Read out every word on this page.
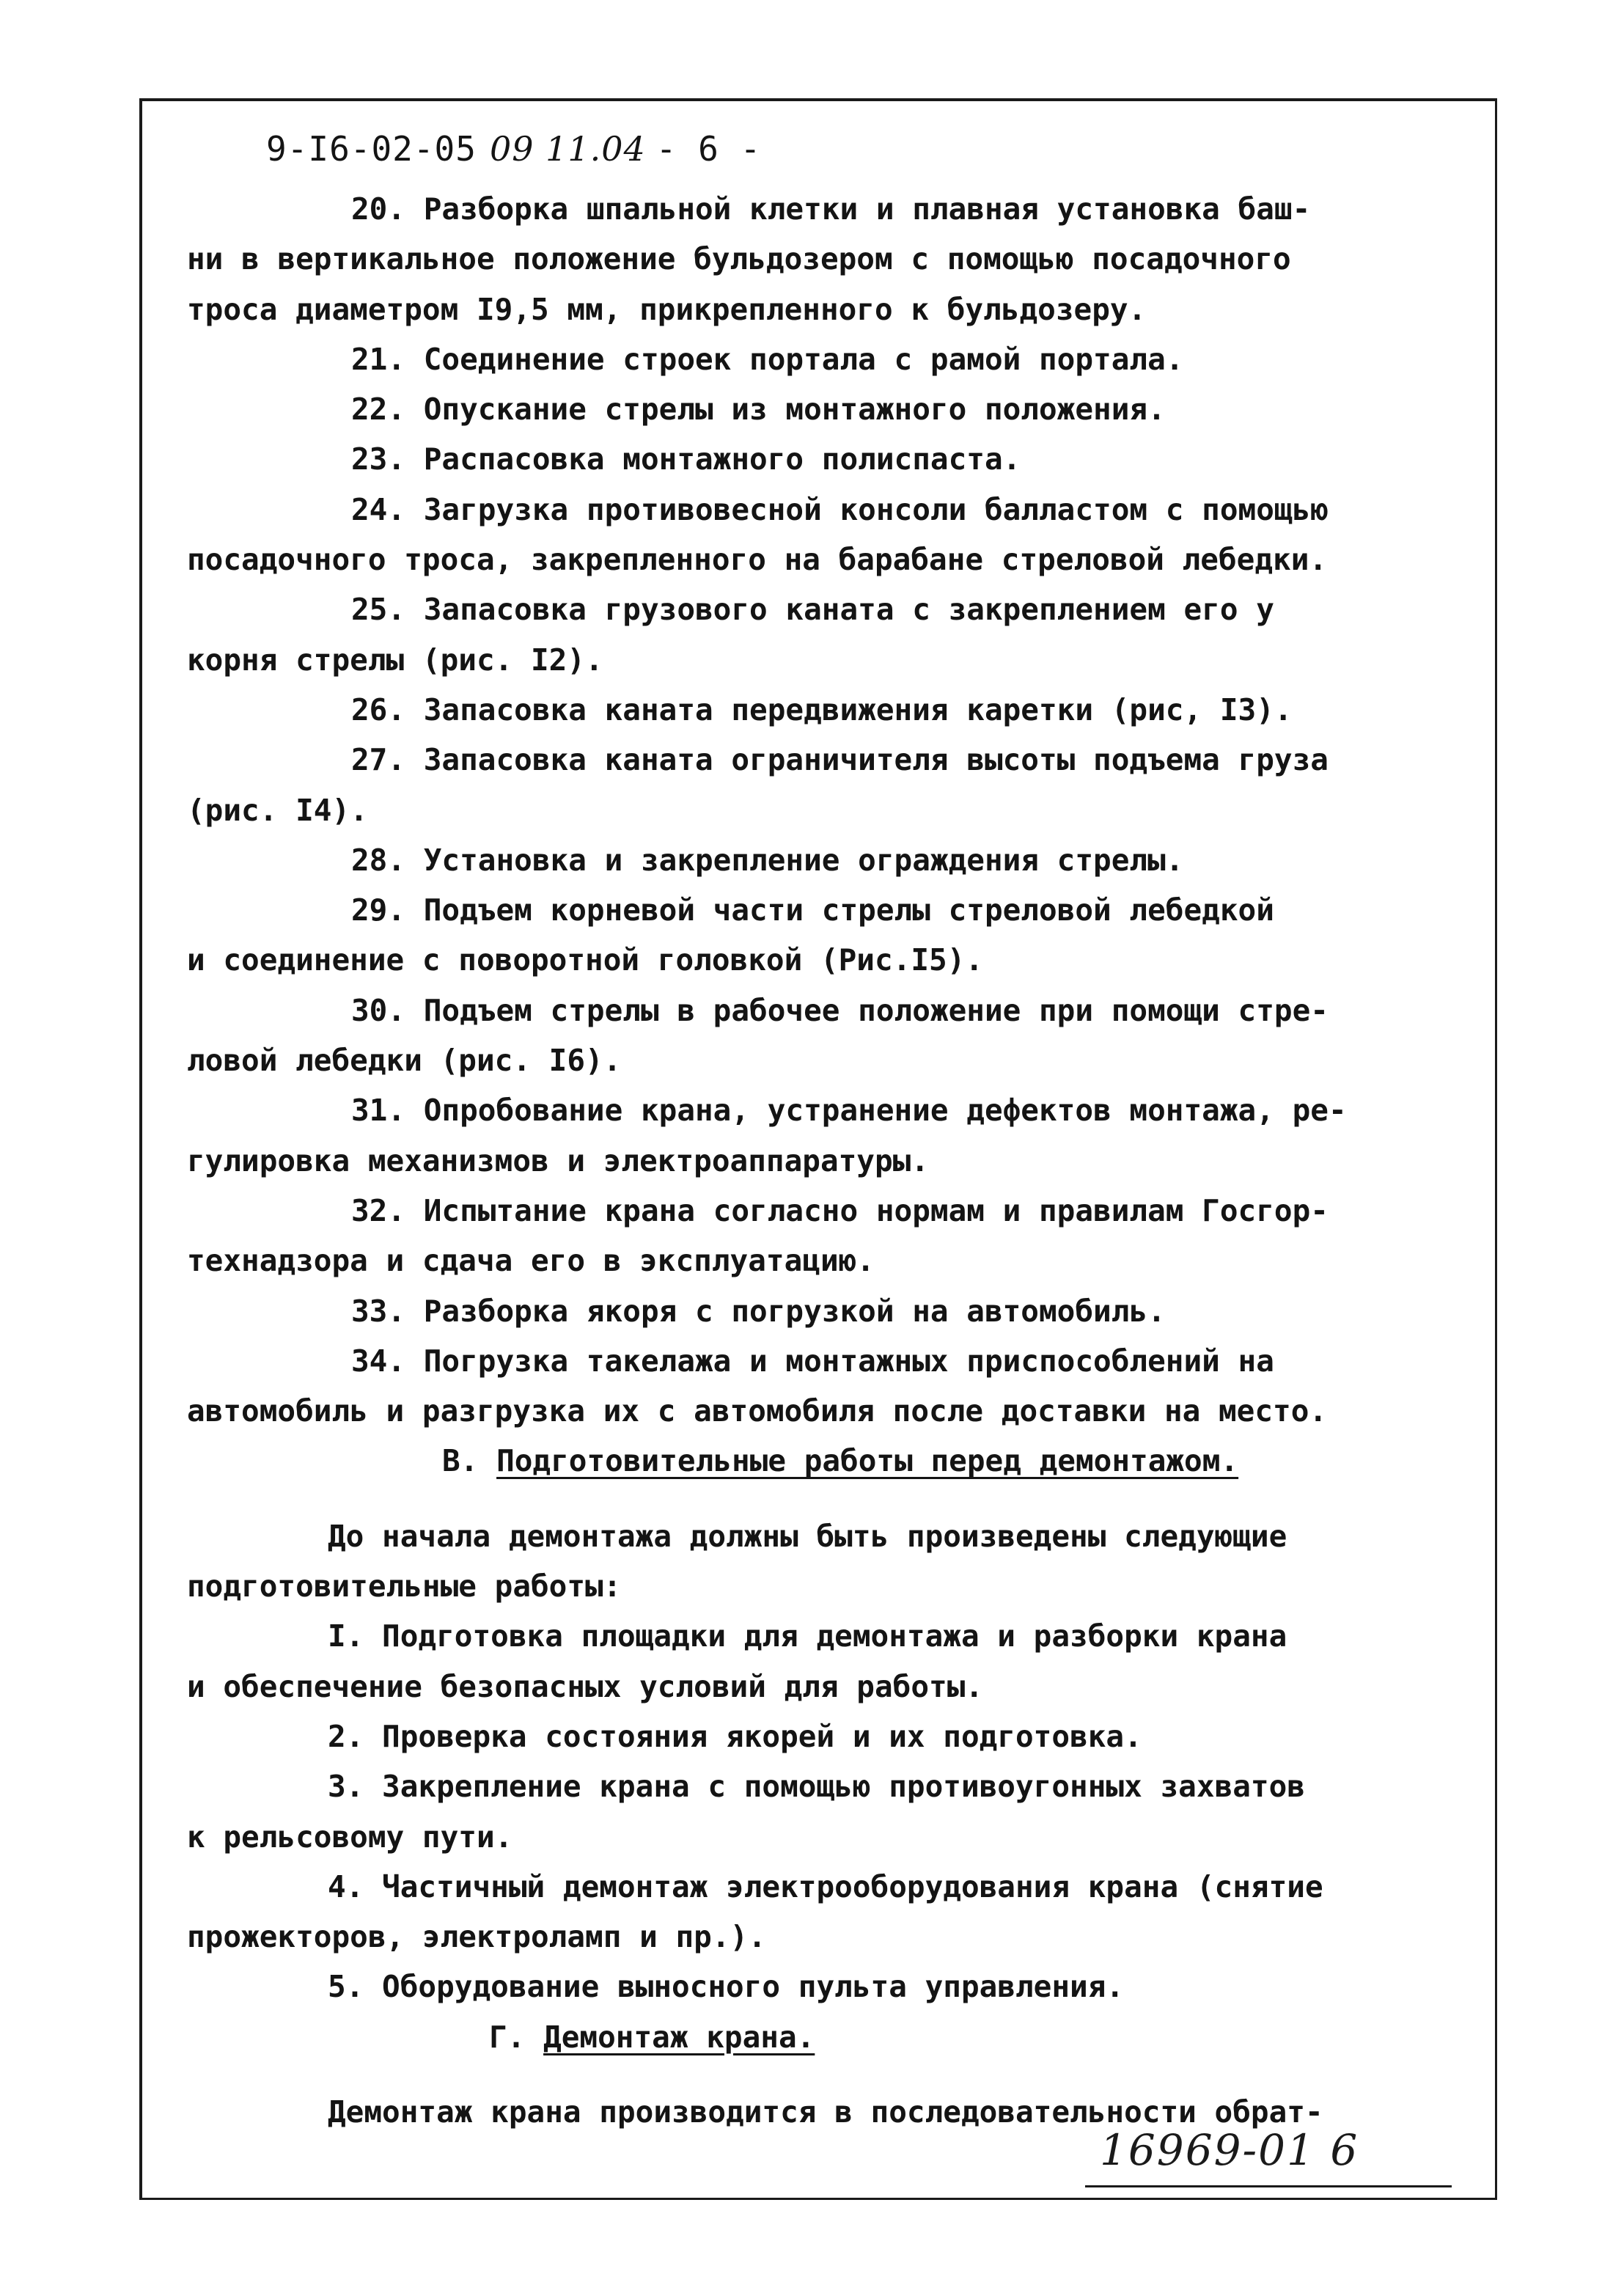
9-I6-02-05 09 11.04 - 6 -
20. Разборка шпальной клетки и плавная установка баш-
ни в вертикальное положение бульдозером с помощью посадочного
троса диаметром I9,5 мм, прикрепленного к бульдозеру.
21. Соединение строек портала с рамой портала.
22. Опускание стрелы из монтажного положения.
23. Распасовка монтажного полиспаста.
24. Загрузка противовесной консоли балластом с помощью
посадочного троса, закрепленного на барабане стреловой лебедки.
25. Запасовка грузового каната с закреплением его у
корня стрелы (рис. I2).
26. Запасовка каната передвижения каретки (рис, I3).
27. Запасовка каната ограничителя высоты подъема груза
(рис. I4).
28. Установка и закрепление ограждения стрелы.
29. Подъем корневой части стрелы стреловой лебедкой
и соединение с поворотной головкой (Рис.I5).
30. Подъем стрелы в рабочее положение при помощи стре-
ловой лебедки (рис. I6).
31. Опробование крана, устранение дефектов монтажа, ре-
гулировка механизмов и электроаппаратуры.
32. Испытание крана согласно нормам и правилам Госгор-
технадзора и сдача его в эксплуатацию.
33. Разборка якоря с погрузкой на автомобиль.
34. Погрузка такелажа и монтажных приспособлений на
автомобиль и разгрузка их с автомобиля после доставки на место.
В. Подготовительные работы перед демонтажом.
До начала демонтажа должны быть произведены следующие
подготовительные работы:
I. Подготовка площадки для демонтажа и разборки крана
и обеспечение безопасных условий для работы.
2. Проверка состояния якорей и их подготовка.
3. Закрепление крана с помощью противоугонных захватов
к рельсовому пути.
4. Частичный демонтаж электрооборудования крана (снятие
прожекторов, электроламп и пр.).
5. Оборудование выносного пульта управления.
Г. Демонтаж крана.
Демонтаж крана производится в последовательности обрат-
16969-01 6
